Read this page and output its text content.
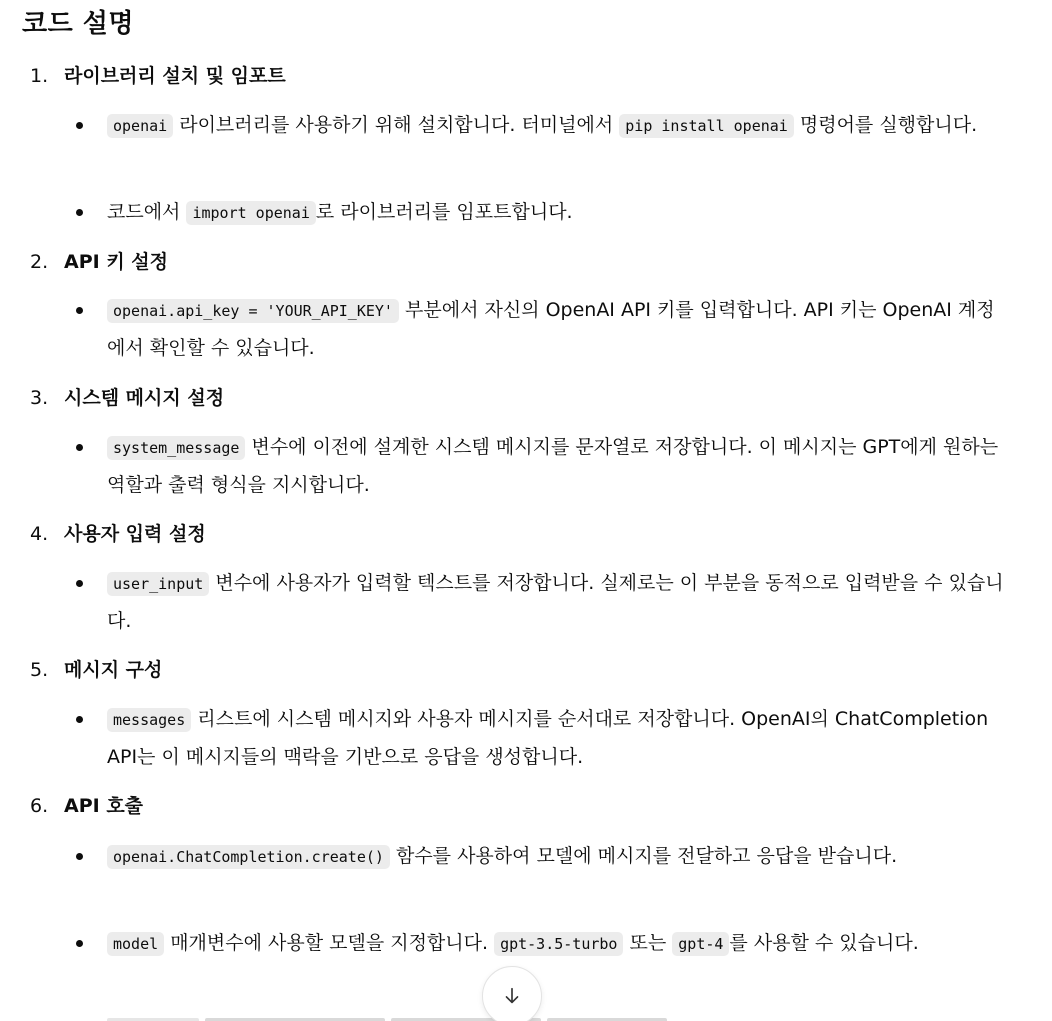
코드 설명
1. 라이브러리 설치 및 임포트
openai 라이브러리를 사용하기 위해 설치합니다. 터미널에서 pip install openai 명령어를 실행합니다.
코드에서 import openai 로 라이브러리를 임포트합니다.
2. API 키 설정
openai.api_key = 'YOUR_API_KEY' 부분에서 자신의 OpenAI API 키를 입력합니다. API 키는 OpenAI 계정에서 확인할 수 있습니다.
3. 시스템 메시지 설정
system_message 변수에 이전에 설계한 시스템 메시지를 문자열로 저장합니다. 이 메시지는 GPT에게 원하는 역할과 출력 형식을 지시합니다.
4. 사용자 입력 설정
user_input 변수에 사용자가 입력할 텍스트를 저장합니다. 실제로는 이 부분을 동적으로 입력받을 수 있습니다.
5. 메시지 구성
messages 리스트에 시스템 메시지와 사용자 메시지를 순서대로 저장합니다. OpenAI의 ChatCompletion API는 이 메시지들의 맥락을 기반으로 응답을 생성합니다.
6. API 호출
openai.ChatCompletion.create() 함수를 사용하여 모델에 메시지를 전달하고 응답을 받습니다.
model 매개변수에 사용할 모델을 지정합니다. gpt-3.5-turbo 또는 gpt-4 를 사용할 수 있습니다.
